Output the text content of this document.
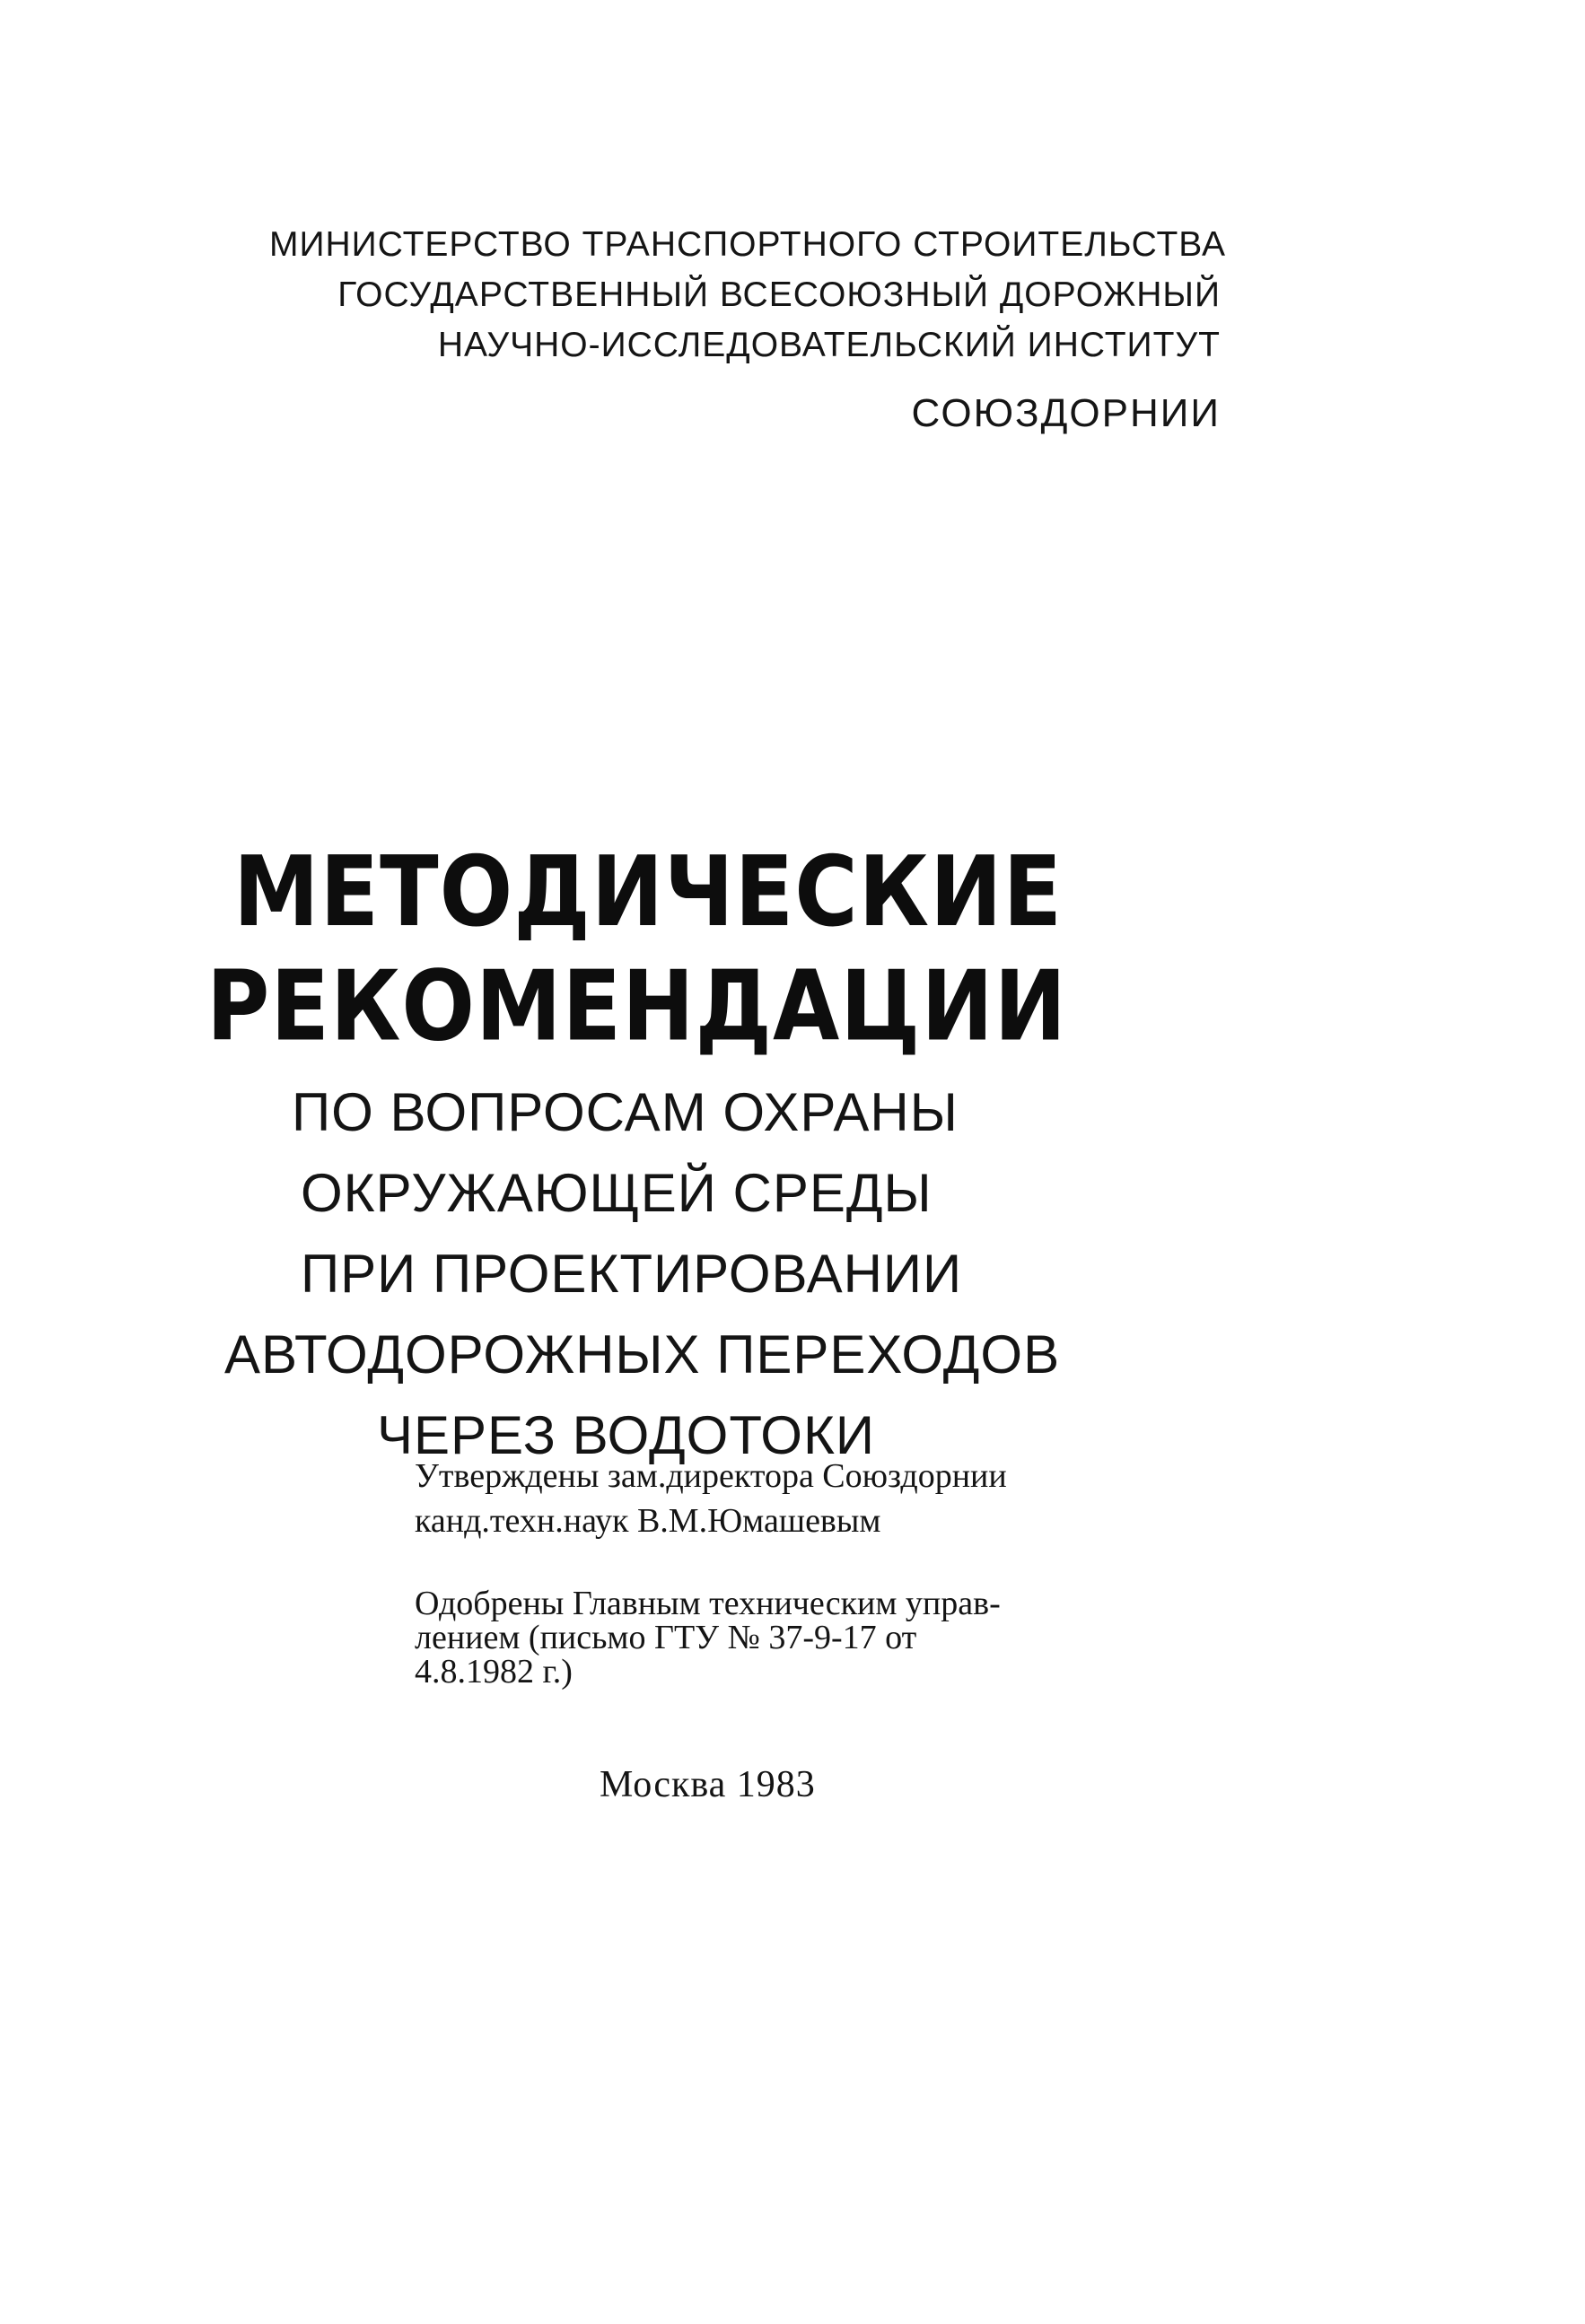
МИНИСТЕРСТВО ТРАНСПОРТНОГО СТРОИТЕЛЬСТВА
ГОСУДАРСТВЕННЫЙ ВСЕСОЮЗНЫЙ ДОРОЖНЫЙ
НАУЧНО-ИССЛЕДОВАТЕЛЬСКИЙ ИНСТИТУТ
СОЮЗДОРНИИ
МЕТОДИЧЕСКИЕ
РЕКОМЕНДАЦИИ
ПО ВОПРОСАМ ОХРАНЫ
ОКРУЖАЮЩЕЙ СРЕДЫ
ПРИ ПРОЕКТИРОВАНИИ
АВТОДОРОЖНЫХ ПЕРЕХОДОВ
ЧЕРЕЗ ВОДОТОКИ
Утверждены зам.директора Союздорнии
канд.техн.наук В.М.Юмашевым
Одобрены Главным техническим управ-
лением (письмо ГТУ № 37-9-17 от
4.8.1982 г.)
Москва 1983
